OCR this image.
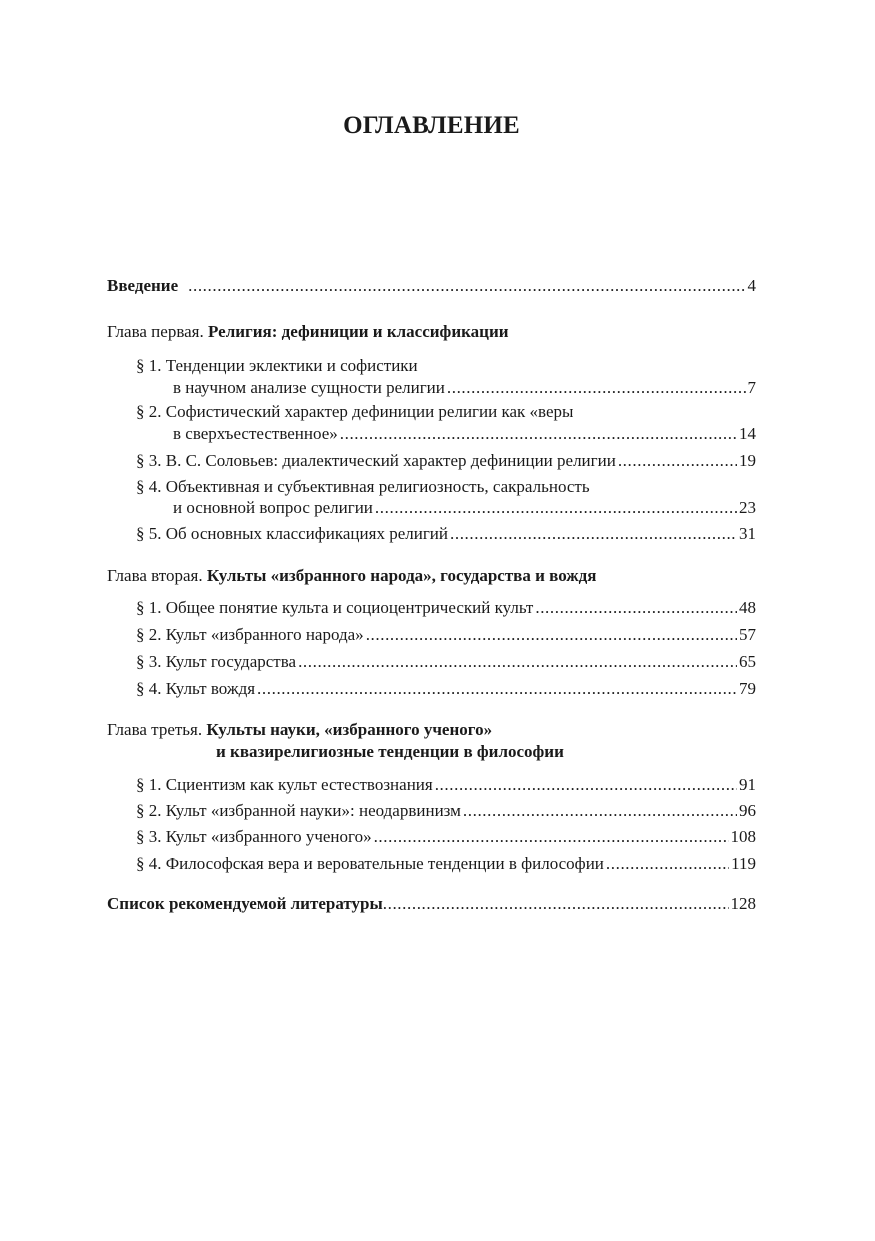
ОГЛАВЛЕНИЕ
Введение .....	4
Глава первая. Религия: дефиниции и классификации
§ 1. Тенденции эклектики и софистики
в научном анализе сущности религии .....	7
§ 2. Софистический характер дефиниции религии как «веры
в сверхъестественное» .....	14
§ 3. В. С. Соловьев: диалектический характер дефиниции религии .....	19
§ 4. Объективная и субъективная религиозность, сакральность
и основной вопрос религии .....	23
§ 5. Об основных классификациях религий .....	31
Глава вторая. Культы «избранного народа», государства и вождя
§ 1. Общее понятие культа и социоцентрический культ .....	48
§ 2. Культ «избранного народа» .....	57
§ 3. Культ государства .....	65
§ 4. Культ вождя .....	79
Глава третья. Культы науки, «избранного ученого»
и квазирелигиозные тенденции в философии
§ 1. Сциентизм как культ естествознания .....	91
§ 2. Культ «избранной науки»: неодарвинизм .....	96
§ 3. Культ «избранного ученого» .....	108
§ 4. Философская вера и веровательные тенденции в философии .....	119
Список рекомендуемой литературы .....	128
